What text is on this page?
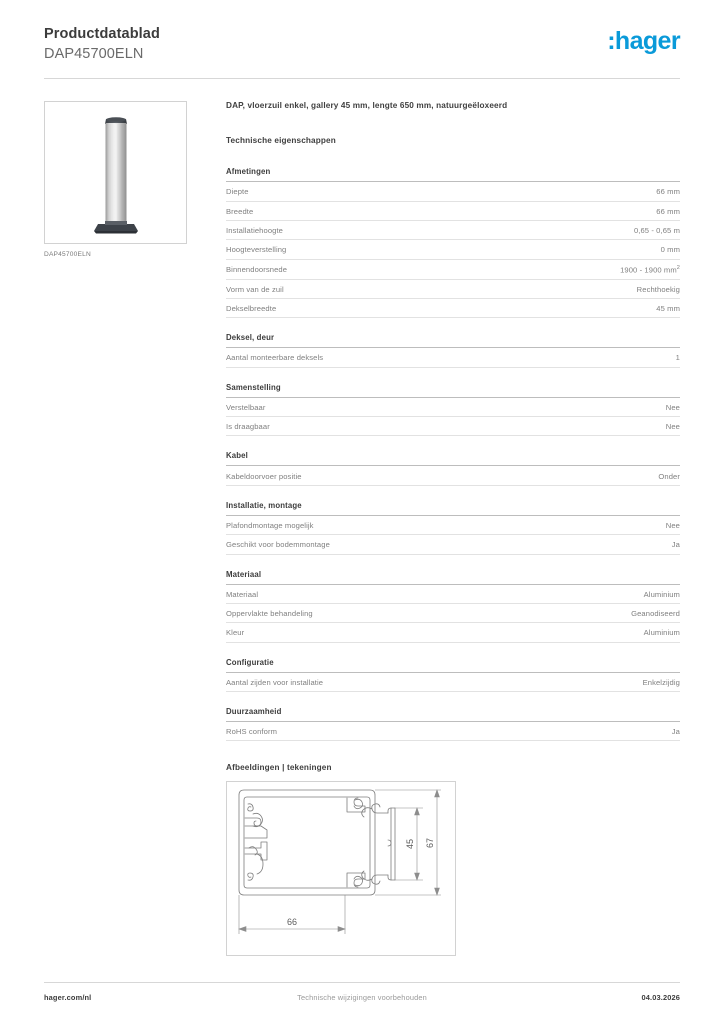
Productdatablad
DAP45700ELN	:hager
DAP45700ELN
DAP, vloerzuil enkel, gallery 45 mm, lengte 650 mm, natuurgeëloxeerd
Technische eigenschappen
Afmetingen
Diepte	66 mm
Breedte	66 mm
Installatiehoogte	0,65 - 0,65 m
Hoogteverstelling	0 mm
Binnendoorsnede	1900 - 1900 $mm^2$
Vorm van de zuil	Rechthoekig
Dekselbreedte	45 mm
Deksel, deur
Aantal monteerbare deksels	1
Samenstelling
Verstelbaar	Nee
Is draagbaar	Nee
Kabel
Kabeldoorvoer positie	Onder
Installatie, montage
Plafondmontage mogelijk	Nee
Geschikt voor bodemmontage	Ja
Materiaal
Materiaal	Aluminium
Oppervlakte behandeling	Geanodiseerd
Kleur	Aluminium
Configuratie
Aantal zijden voor installatie	Enkelzijdig
Duurzaamheid
RoHS conform	Ja
Afbeeldingen | tekeningen
66
45 67
hager.com/nl	Technische wijzigingen voorbehouden	04.03.2026
